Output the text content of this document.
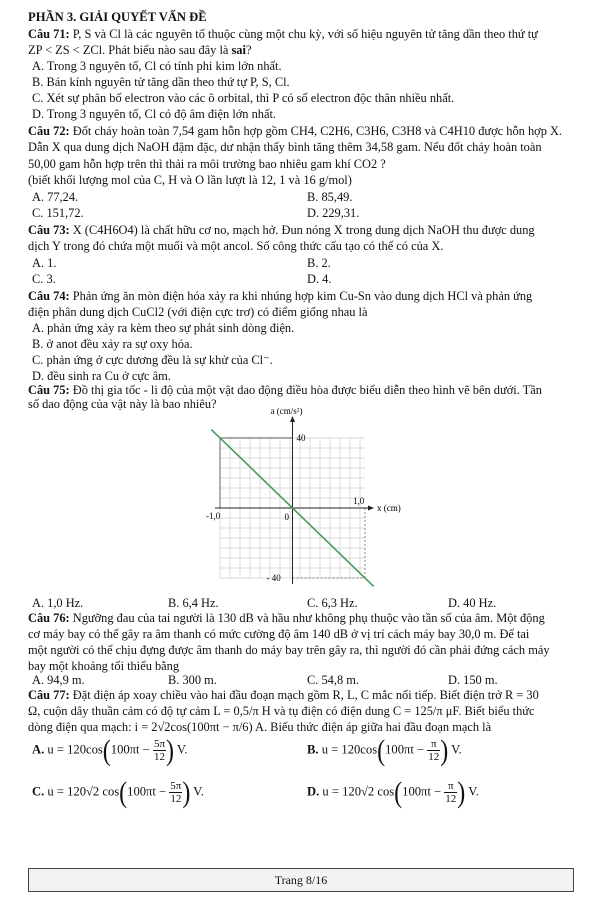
PHẦN 3. GIẢI QUYẾT VẤN ĐỀ
Câu 71: P, S và Cl là các nguyên tố thuộc cùng một chu kỳ, với số hiệu nguyên tử tăng dần theo thứ tự
ZP < ZS < ZCl. Phát biểu nào sau đây là sai?
A. Trong 3 nguyên tố, Cl có tính phi kim lớn nhất.
B. Bán kính nguyên tử tăng dần theo thứ tự P, S, Cl.
C. Xét sự phân bố electron vào các ô orbital, thì P có số electron độc thân nhiều nhất.
D. Trong 3 nguyên tố, Cl có độ âm điện lớn nhất.
Câu 72: Đốt cháy hoàn toàn 7,54 gam hỗn hợp gồm CH4, C2H6, C3H6, C3H8 và C4H10 được hỗn hợp X.
Dẫn X qua dung dịch NaOH đậm đặc, dư nhận thấy bình tăng thêm 34,58 gam. Nếu đốt cháy hoàn toàn
50,00 gam hỗn hợp trên thì thải ra môi trường bao nhiêu gam khí CO2 ?
(biết khối lượng mol của C, H và O lần lượt là 12, 1 và 16 g/mol)
A. 77,24.	B. 85,49.
C. 151,72.	D. 229,31.
Câu 73: X (C4H6O4) là chất hữu cơ no, mạch hở. Đun nóng X trong dung dịch NaOH thu được dung
dịch Y trong đó chứa một muối và một ancol. Số công thức cấu tạo có thể có của X.
A. 1.	B. 2.
C. 3.	D. 4.
Câu 74: Phản ứng ăn mòn điện hóa xảy ra khi nhúng hợp kim Cu-Sn vào dung dịch HCl và phản ứng
điện phân dung dịch CuCl2 (với điện cực trơ) có điểm giống nhau là
A. phản ứng xảy ra kèm theo sự phát sinh dòng điện.
B. ở anot đều xảy ra sự oxy hóa.
C. phản ứng ở cực dương đều là sự khử của Cl⁻.
D. đều sinh ra Cu ở cực âm.
Câu 75: Đồ thị gia tốc - li độ của một vật dao động điều hòa được biểu diễn theo hình vẽ bên dưới. Tần
số dao động của vật này là bao nhiêu?	a (cm/s²)
x (cm)
40
- 40
1,0
-1,0	0
A. 1,0 Hz.	B. 6,4 Hz.	C. 6,3 Hz.	D. 40 Hz.
Câu 76: Ngưỡng đau của tai người là 130 dB và hầu như không phụ thuộc vào tần số của âm. Một động
cơ máy bay có thể gây ra âm thanh có mức cường độ âm 140 dB ở vị trí cách máy bay 30,0 m. Để tai
một người có thể chịu đựng được âm thanh do máy bay trên gây ra, thì người đó cần phải đứng cách máy
bay một khoảng tối thiểu bằng
A. 94,9 m.	B. 300 m.	C. 54,8 m.	D. 150 m.
Câu 77: Đặt điện áp xoay chiều vào hai đầu đoạn mạch gồm R, L, C mắc nối tiếp. Biết điện trở R = 30
Ω, cuộn dây thuần cảm có độ tự cảm L = 0,5/π H và tụ điện có điện dung C = 125/π μF. Biết biểu thức
dòng điện qua mạch: i = 2√2cos(100πt − π/6) A. Biểu thức điện áp giữa hai đầu đoạn mạch là
A. $u = 120\cos(100\pi t - \frac{5\pi}{12}$ ) V.	B. $u = 120\cos(100\pi t - \frac{\pi}{12}$ ) V.
C. u = 120√2 $\cos(100\pi t - \frac{5\pi}{12}$ ) V.	D. u = 120√2 $\cos(100\pi t - \frac{\pi}{12}$ ) V.
Trang 8/16
